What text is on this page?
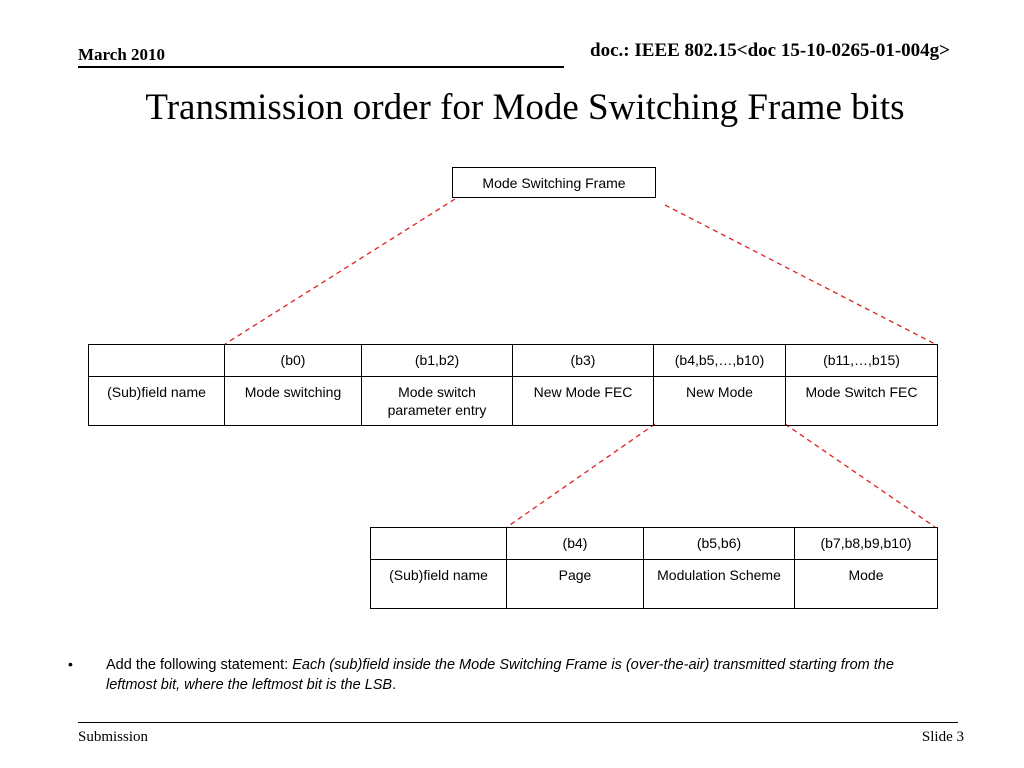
March 2010	doc.: IEEE 802.15<doc 15-10-0265-01-004g>
Transmission order for Mode Switching Frame bits
Mode Switching Frame
	(b0)	(b1,b2)	(b3)	(b4,b5,…,b10)	(b11,…,b15)
(Sub)field name	Mode switching	Mode switch parameter entry	New Mode FEC	New Mode	Mode Switch FEC
	(b4)	(b5,b6)	(b7,b8,b9,b10)
(Sub)field name	Page	Modulation Scheme	Mode
• Add the following statement: Each (sub)field inside the Mode Switching Frame is (over-the-air) transmitted starting from the leftmost bit, where the leftmost bit is the LSB.
Submission	Slide 3
